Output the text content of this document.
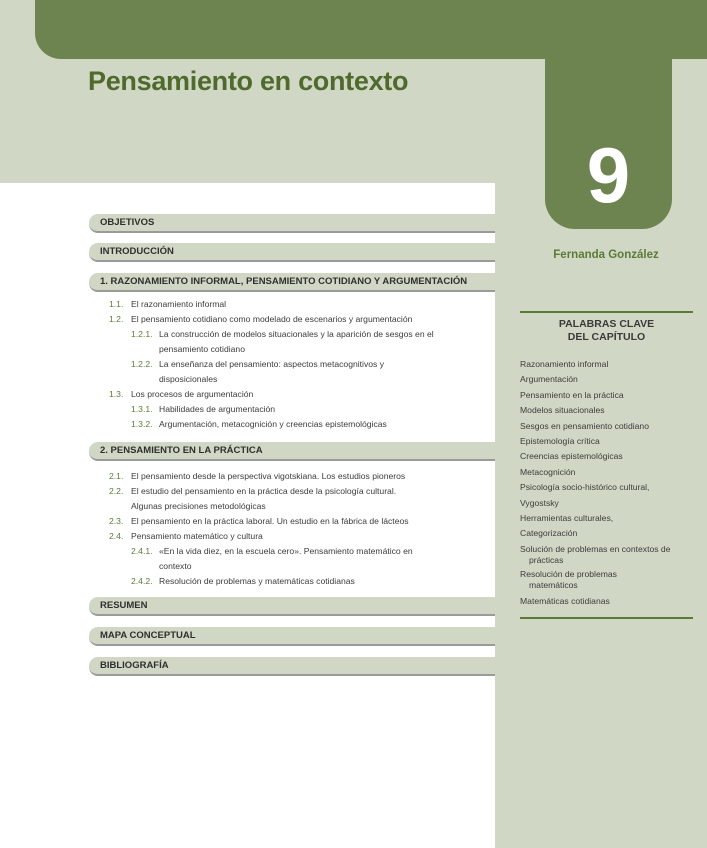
9
Pensamiento en contexto
Fernanda González
OBJETIVOS
INTRODUCCIÓN
1. RAZONAMIENTO INFORMAL, PENSAMIENTO COTIDIANO Y ARGUMENTACIÓN
1.1. El razonamiento informal
1.2. El pensamiento cotidiano como modelado de escenarios y argumentación
1.2.1. La construcción de modelos situacionales y la aparición de sesgos en el
pensamiento cotidiano
1.2.2. La enseñanza del pensamiento: aspectos metacognitivos y
disposicionales
1.3. Los procesos de argumentación
1.3.1. Habilidades de argumentación
1.3.2. Argumentación, metacognición y creencias epistemológicas
2. PENSAMIENTO EN LA PRÁCTICA
2.1. El pensamiento desde la perspectiva vigotskiana. Los estudios pioneros
2.2. El estudio del pensamiento en la práctica desde la psicología cultural.
Algunas precisiones metodológicas
2.3. El pensamiento en la práctica laboral. Un estudio en la fábrica de lácteos
2.4. Pensamiento matemático y cultura
2.4.1. «En la vida diez, en la escuela cero». Pensamiento matemático en
contexto
2.4.2. Resolución de problemas y matemáticas cotidianas
RESUMEN
MAPA CONCEPTUAL
BIBLIOGRAFÍA
PALABRAS CLAVE
DEL CAPÍTULO
Razonamiento informal
Argumentación
Pensamiento en la práctica
Modelos situacionales
Sesgos en pensamiento cotidiano
Epistemología crítica
Creencias epistemológicas
Metacognición
Psicología socio-histórico cultural,
Vygostsky
Herramientas culturales,
Categorización
Solución de problemas en contextos de prácticas
Resolución de problemas matemáticos
Matemáticas cotidianas
